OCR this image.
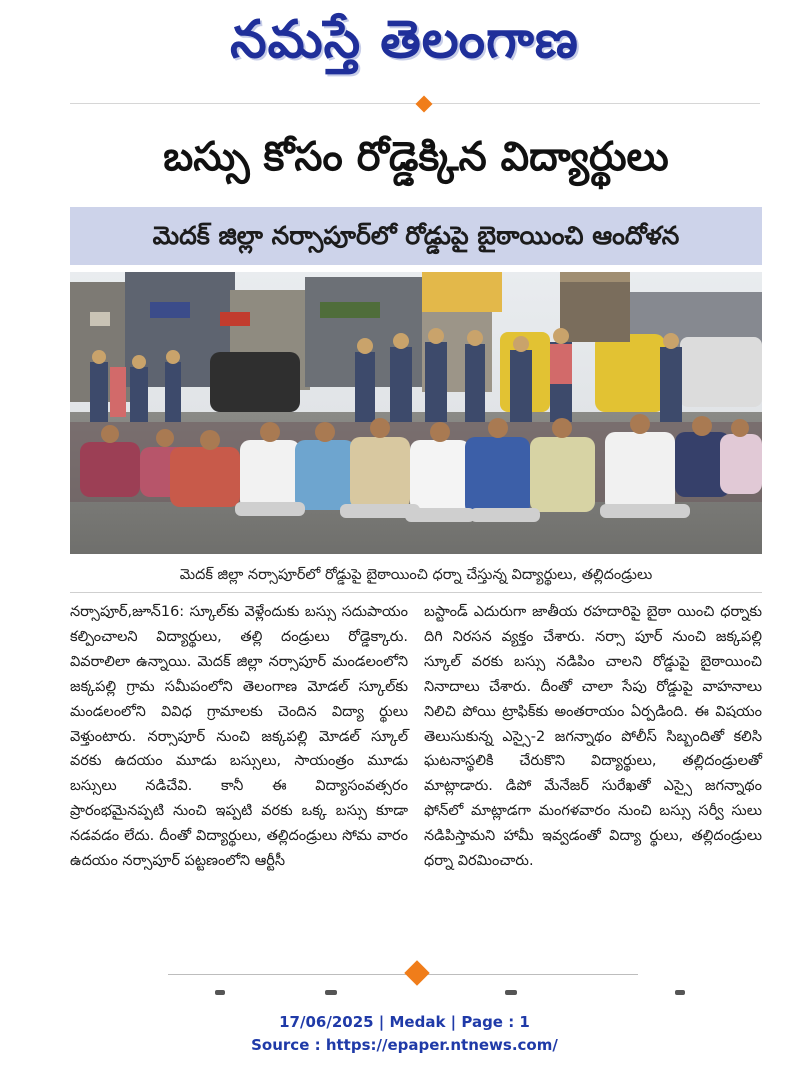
నమస్తే తెలంగాణ
బస్సు కోసం రోడ్డెక్కిన విద్యార్థులు
మెదక్ జిల్లా నర్సాపూర్‌లో రోడ్డుపై బైఠాయించి ఆందోళన
మెదక్ జిల్లా నర్సాపూర్‌లో రోడ్డుపై బైఠాయించి ధర్నా చేస్తున్న విద్యార్థులు, తల్లిదండ్రులు

నర్సాపూర్,జూన్16: స్కూల్‌కు వెళ్లేందుకు బస్సు సదుపాయం కల్పించాలని విద్యార్థులు, తల్లి దండ్రులు రోడ్డెక్కారు. వివరాలిలా ఉన్నాయి. మెదక్ జిల్లా నర్సాపూర్ మండలంలోని జక్కపల్లి గ్రామ సమీపంలోని తెలంగాణ మోడల్ స్కూల్‌కు మండలంలోని వివిధ గ్రామాలకు చెందిన విద్యా ర్థులు వెళ్తుంటారు. నర్సాపూర్ నుంచి జక్కపల్లి మోడల్ స్కూల్ వరకు ఉదయం మూడు బస్సులు, సాయంత్రం మూడు బస్సులు నడిచేవి. కానీ ఈ విద్యాసంవత్సరం ప్రారంభమైనప్పటి నుంచి ఇప్పటి వరకు ఒక్క బస్సు కూడా నడవడం లేదు. దీంతో విద్యార్థులు, తల్లిదండ్రులు సోమ వారం ఉదయం నర్సాపూర్ పట్టణంలోని ఆర్టీసీ

బస్టాండ్ ఎదురుగా జాతీయ రహదారిపై బైఠా యించి ధర్నాకు దిగి నిరసన వ్యక్తం చేశారు. నర్సా పూర్ నుంచి జక్కపల్లి స్కూల్ వరకు బస్సు నడిపిం చాలని రోడ్డుపై బైఠాయించి నినాదాలు చేశారు. దీంతో చాలా సేపు రోడ్డుపై వాహనాలు నిలిచి పోయి ట్రాఫిక్‌కు అంతరాయం ఏర్పడింది. ఈ విషయం తెలుసుకున్న ఎస్సై-2 జగన్నాథం పోలీస్ సిబ్బందితో కలిసి ఘటనాస్థలికి చేరుకొని విద్యార్థులు, తల్లిదండ్రులతో మాట్లాడారు. డిపో మేనేజర్ సురేఖతో ఎస్సై జగన్నాథం ఫోన్‌లో మాట్లాడగా మంగళవారం నుంచి బస్సు సర్వీ సులు నడిపిస్తామని హామీ ఇవ్వడంతో విద్యా ర్థులు, తల్లిదండ్రులు ధర్నా విరమించారు.

17/06/2025 | Medak | Page : 1
Source : https://epaper.ntnews.com/
